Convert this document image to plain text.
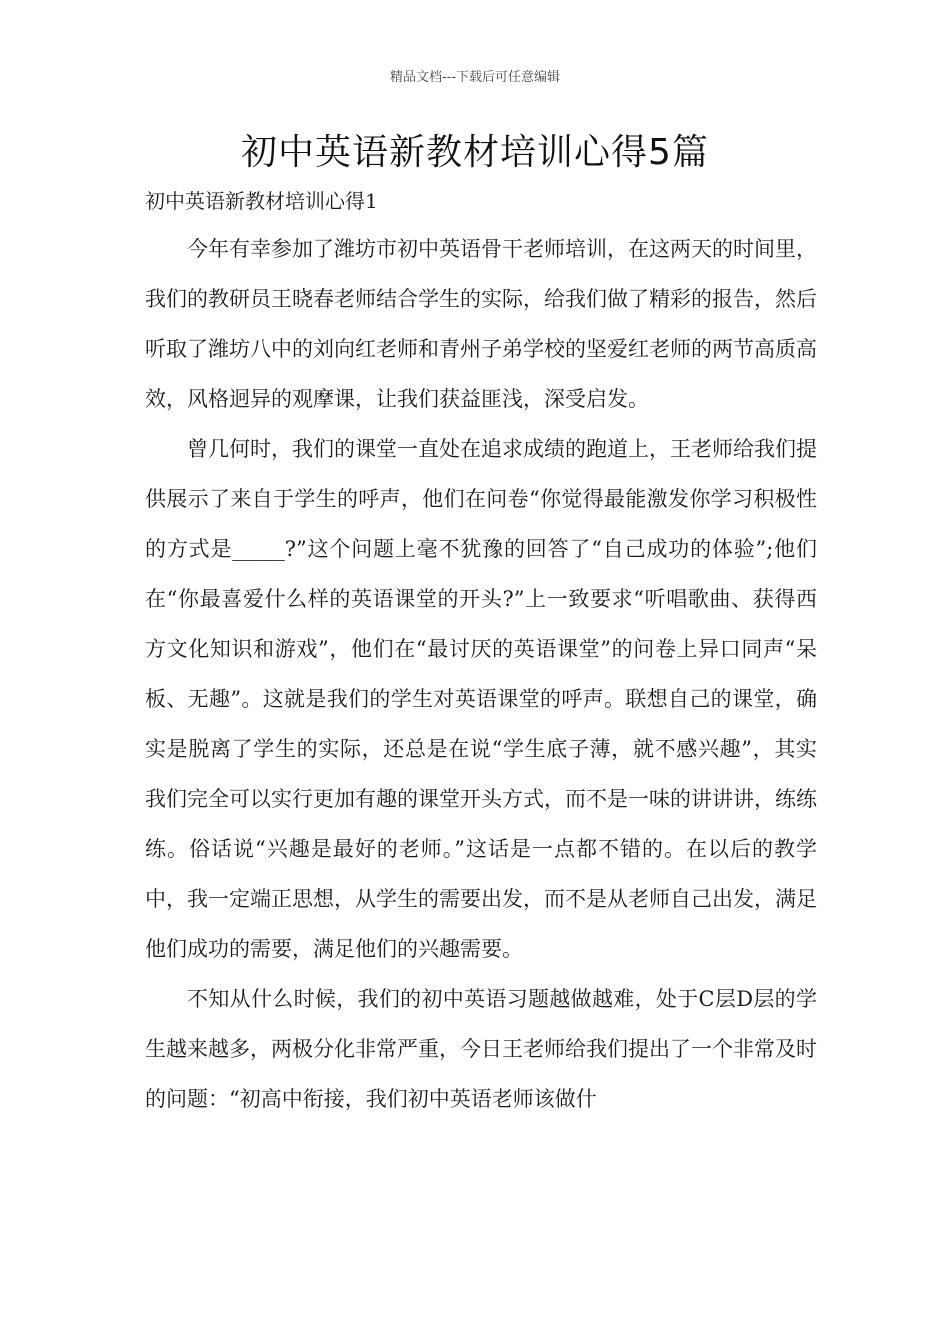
精品文档---下载后可任意编辑
初中英语新教材培训心得5篇
初中英语新教材培训心得1

今年有幸参加了潍坊市初中英语骨干老师培训，在这两天的时间里，我们的教研员王晓春老师结合学生的实际，给我们做了精彩的报告，然后听取了潍坊八中的刘向红老师和青州子弟学校的坚爱红老师的两节高质高效，风格迥异的观摩课，让我们获益匪浅，深受启发。

曾几何时，我们的课堂一直处在追求成绩的跑道上，王老师给我们提供展示了来自于学生的呼声，他们在问卷“你觉得最能激发你学习积极性的方式是_____?”这个问题上毫不犹豫的回答了“自己成功的体验”;他们在“你最喜爱什么样的英语课堂的开头?”上一致要求“听唱歌曲、获得西方文化知识和游戏”，他们在“最讨厌的英语课堂”的问卷上异口同声“呆板、无趣”。这就是我们的学生对英语课堂的呼声。联想自己的课堂，确实是脱离了学生的实际，还总是在说“学生底子薄，就不感兴趣”，其实我们完全可以实行更加有趣的课堂开头方式，而不是一味的讲讲讲，练练练。俗话说“兴趣是最好的老师。”这话是一点都不错的。在以后的教学中，我一定端正思想，从学生的需要出发，而不是从老师自己出发，满足他们成功的需要，满足他们的兴趣需要。

不知从什么时候，我们的初中英语习题越做越难，处于C层D层的学生越来越多，两极分化非常严重，今日王老师给我们提出了一个非常及时的问题：“初高中衔接，我们初中英语老师该做什
